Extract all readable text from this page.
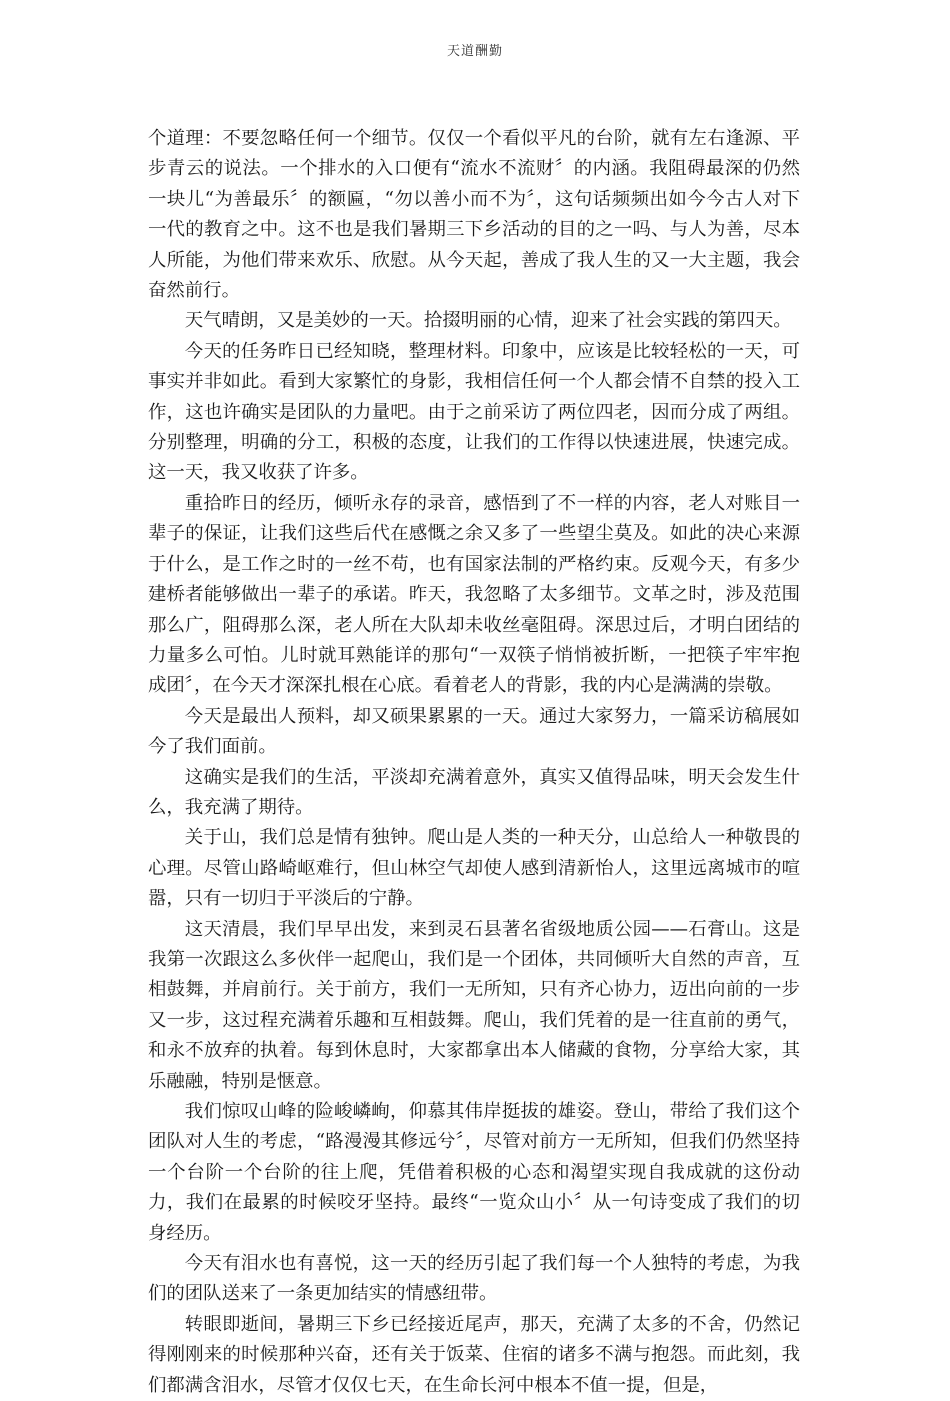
天道酬勤

个道理：不要忽略任何一个细节。仅仅一个看似平凡的台阶，就有左右逢源、平步青云的说法。一个排水的入口便有“流水不流财〞的内涵。我阻碍最深的仍然一块儿“为善最乐〞的额匾，“勿以善小而不为〞，这句话频频出如今今古人对下一代的教育之中。这不也是我们暑期三下乡活动的目的之一吗、与人为善，尽本人所能，为他们带来欢乐、欣慰。从今天起，善成了我人生的又一大主题，我会奋然前行。

天气晴朗，又是美妙的一天。拾掇明丽的心情，迎来了社会实践的第四天。

今天的任务昨日已经知晓，整理材料。印象中，应该是比较轻松的一天，可事实并非如此。看到大家繁忙的身影，我相信任何一个人都会情不自禁的投入工作，这也许确实是团队的力量吧。由于之前采访了两位四老，因而分成了两组。分别整理，明确的分工，积极的态度，让我们的工作得以快速进展，快速完成。这一天，我又收获了许多。

重拾昨日的经历，倾听永存的录音，感悟到了不一样的内容，老人对账目一辈子的保证，让我们这些后代在感慨之余又多了一些望尘莫及。如此的决心来源于什么，是工作之时的一丝不苟，也有国家法制的严格约束。反观今天，有多少建桥者能够做出一辈子的承诺。昨天，我忽略了太多细节。文革之时，涉及范围那么广，阻碍那么深，老人所在大队却未收丝毫阻碍。深思过后，才明白团结的力量多么可怕。儿时就耳熟能详的那句“一双筷子悄悄被折断，一把筷子牢牢抱成团〞，在今天才深深扎根在心底。看着老人的背影，我的内心是满满的崇敬。

今天是最出人预料，却又硕果累累的一天。通过大家努力，一篇采访稿展如今了我们面前。

这确实是我们的生活，平淡却充满着意外，真实又值得品味，明天会发生什么，我充满了期待。

关于山，我们总是情有独钟。爬山是人类的一种天分，山总给人一种敬畏的心理。尽管山路崎岖难行，但山林空气却使人感到清新怡人，这里远离城市的喧嚣，只有一切归于平淡后的宁静。

这天清晨，我们早早出发，来到灵石县著名省级地质公园——石膏山。这是我第一次跟这么多伙伴一起爬山，我们是一个团体，共同倾听大自然的声音，互相鼓舞，并肩前行。关于前方，我们一无所知，只有齐心协力，迈出向前的一步又一步，这过程充满着乐趣和互相鼓舞。爬山，我们凭着的是一往直前的勇气，和永不放弃的执着。每到休息时，大家都拿出本人储藏的食物，分享给大家，其乐融融，特别是惬意。

我们惊叹山峰的险峻嶙峋，仰慕其伟岸挺拔的雄姿。登山，带给了我们这个团队对人生的考虑，“路漫漫其修远兮〞，尽管对前方一无所知，但我们仍然坚持一个台阶一个台阶的往上爬，凭借着积极的心态和渴望实现自我成就的这份动力，我们在最累的时候咬牙坚持。最终“一览众山小〞从一句诗变成了我们的切身经历。

今天有泪水也有喜悦，这一天的经历引起了我们每一个人独特的考虑，为我们的团队送来了一条更加结实的情感纽带。

转眼即逝间，暑期三下乡已经接近尾声，那天，充满了太多的不舍，仍然记得刚刚来的时候那种兴奋，还有关于饭菜、住宿的诸多不满与抱怨。而此刻，我们都满含泪水，尽管才仅仅七天，在生命长河中根本不值一提，但是，
